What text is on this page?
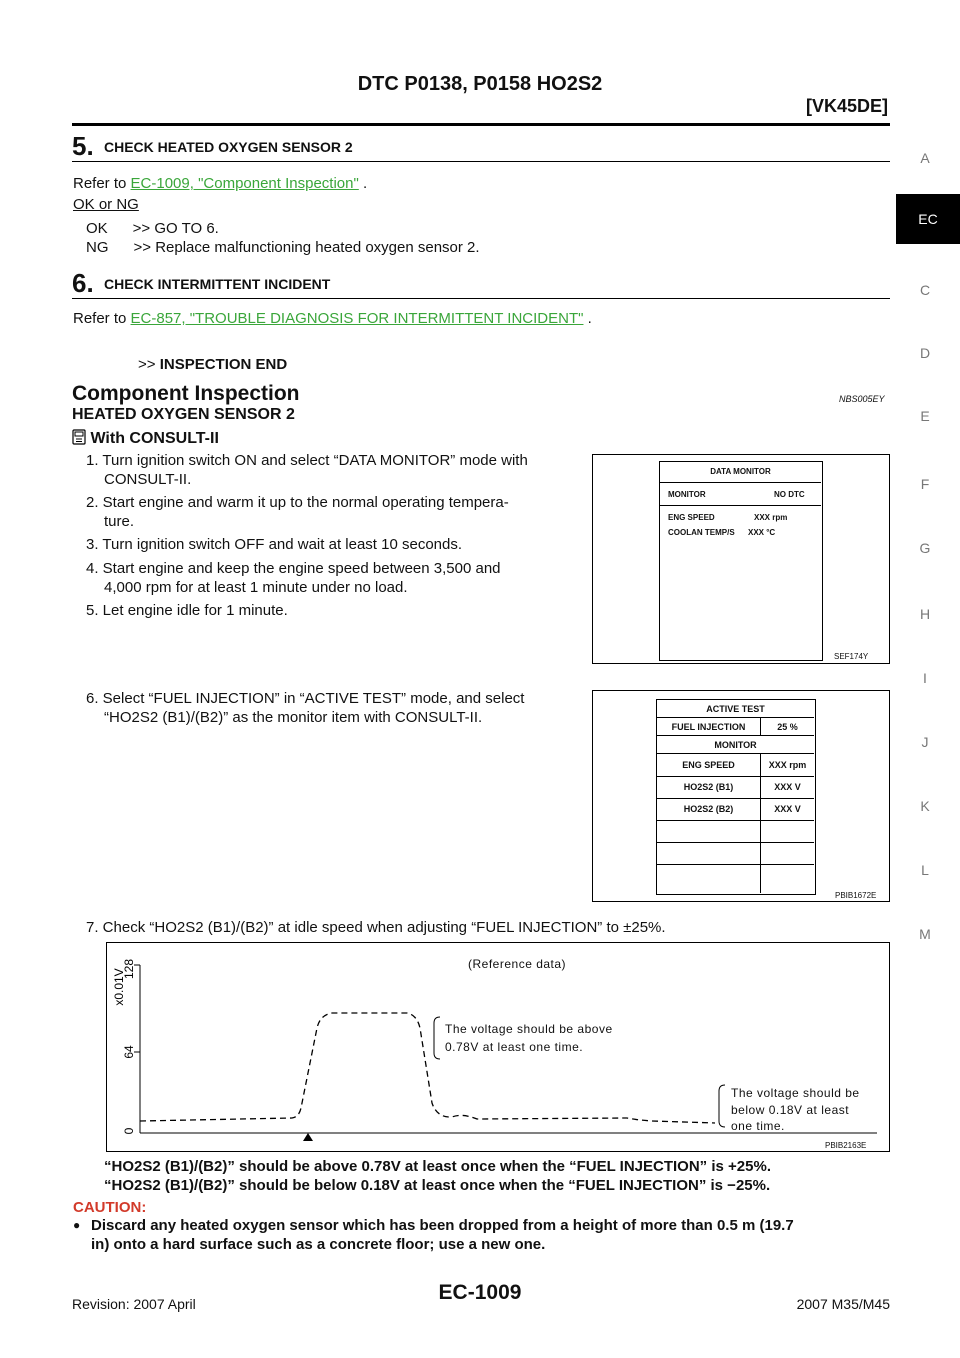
DTC P0138, P0158 HO2S2
[VK45DE]
A
EC
C
D
E
F
G
H
I
J
K
L
M
5. CHECK HEATED OXYGEN SENSOR 2
Refer to EC-1009, "Component Inspection" .
OK or NG
OK      >> GO TO 6.
NG      >> Replace malfunctioning heated oxygen sensor 2.
6. CHECK INTERMITTENT INCIDENT
Refer to EC-857, "TROUBLE DIAGNOSIS FOR INTERMITTENT INCIDENT" .
>> INSPECTION END
Component Inspection	NBS005EY
HEATED OXYGEN SENSOR 2
With CONSULT-II
1. Turn ignition switch ON and select “DATA MONITOR” mode with
CONSULT-II.
2. Start engine and warm it up to the normal operating tempera-
ture.
3. Turn ignition switch OFF and wait at least 10 seconds.
4. Start engine and keep the engine speed between 3,500 and
4,000 rpm for at least 1 minute under no load.
5. Let engine idle for 1 minute.
DATA MONITOR
MONITOR	NO DTC
ENG SPEED	XXX rpm
COOLAN TEMP/S XXX °C
SEF174Y
6. Select “FUEL INJECTION” in “ACTIVE TEST” mode, and select
“HO2S2 (B1)/(B2)” as the monitor item with CONSULT-II.	ACTIVE TEST
FUEL INJECTION	25 %
MONITOR
ENG SPEED	XXX rpm
HO2S2 (B1)	XXX V
HO2S2 (B2)	XXX V
PBIB1672E
7. Check “HO2S2 (B1)/(B2)” at idle speed when adjusting “FUEL INJECTION” to ±25%.
x0.01V
128
64
0
(Reference data)
The voltage should be above
0.78V at least one time.
The voltage should be
below 0.18V at least
one time.
PBIB2163E
“HO2S2 (B1)/(B2)” should be above 0.78V at least once when the “FUEL INJECTION” is +25%.
“HO2S2 (B1)/(B2)” should be below 0.18V at least once when the “FUEL INJECTION” is −25%.
CAUTION:
● Discard any heated oxygen sensor which has been dropped from a height of more than 0.5 m (19.7
in) onto a hard surface such as a concrete floor; use a new one.
Revision: 2007 April	EC-1009	2007 M35/M45
